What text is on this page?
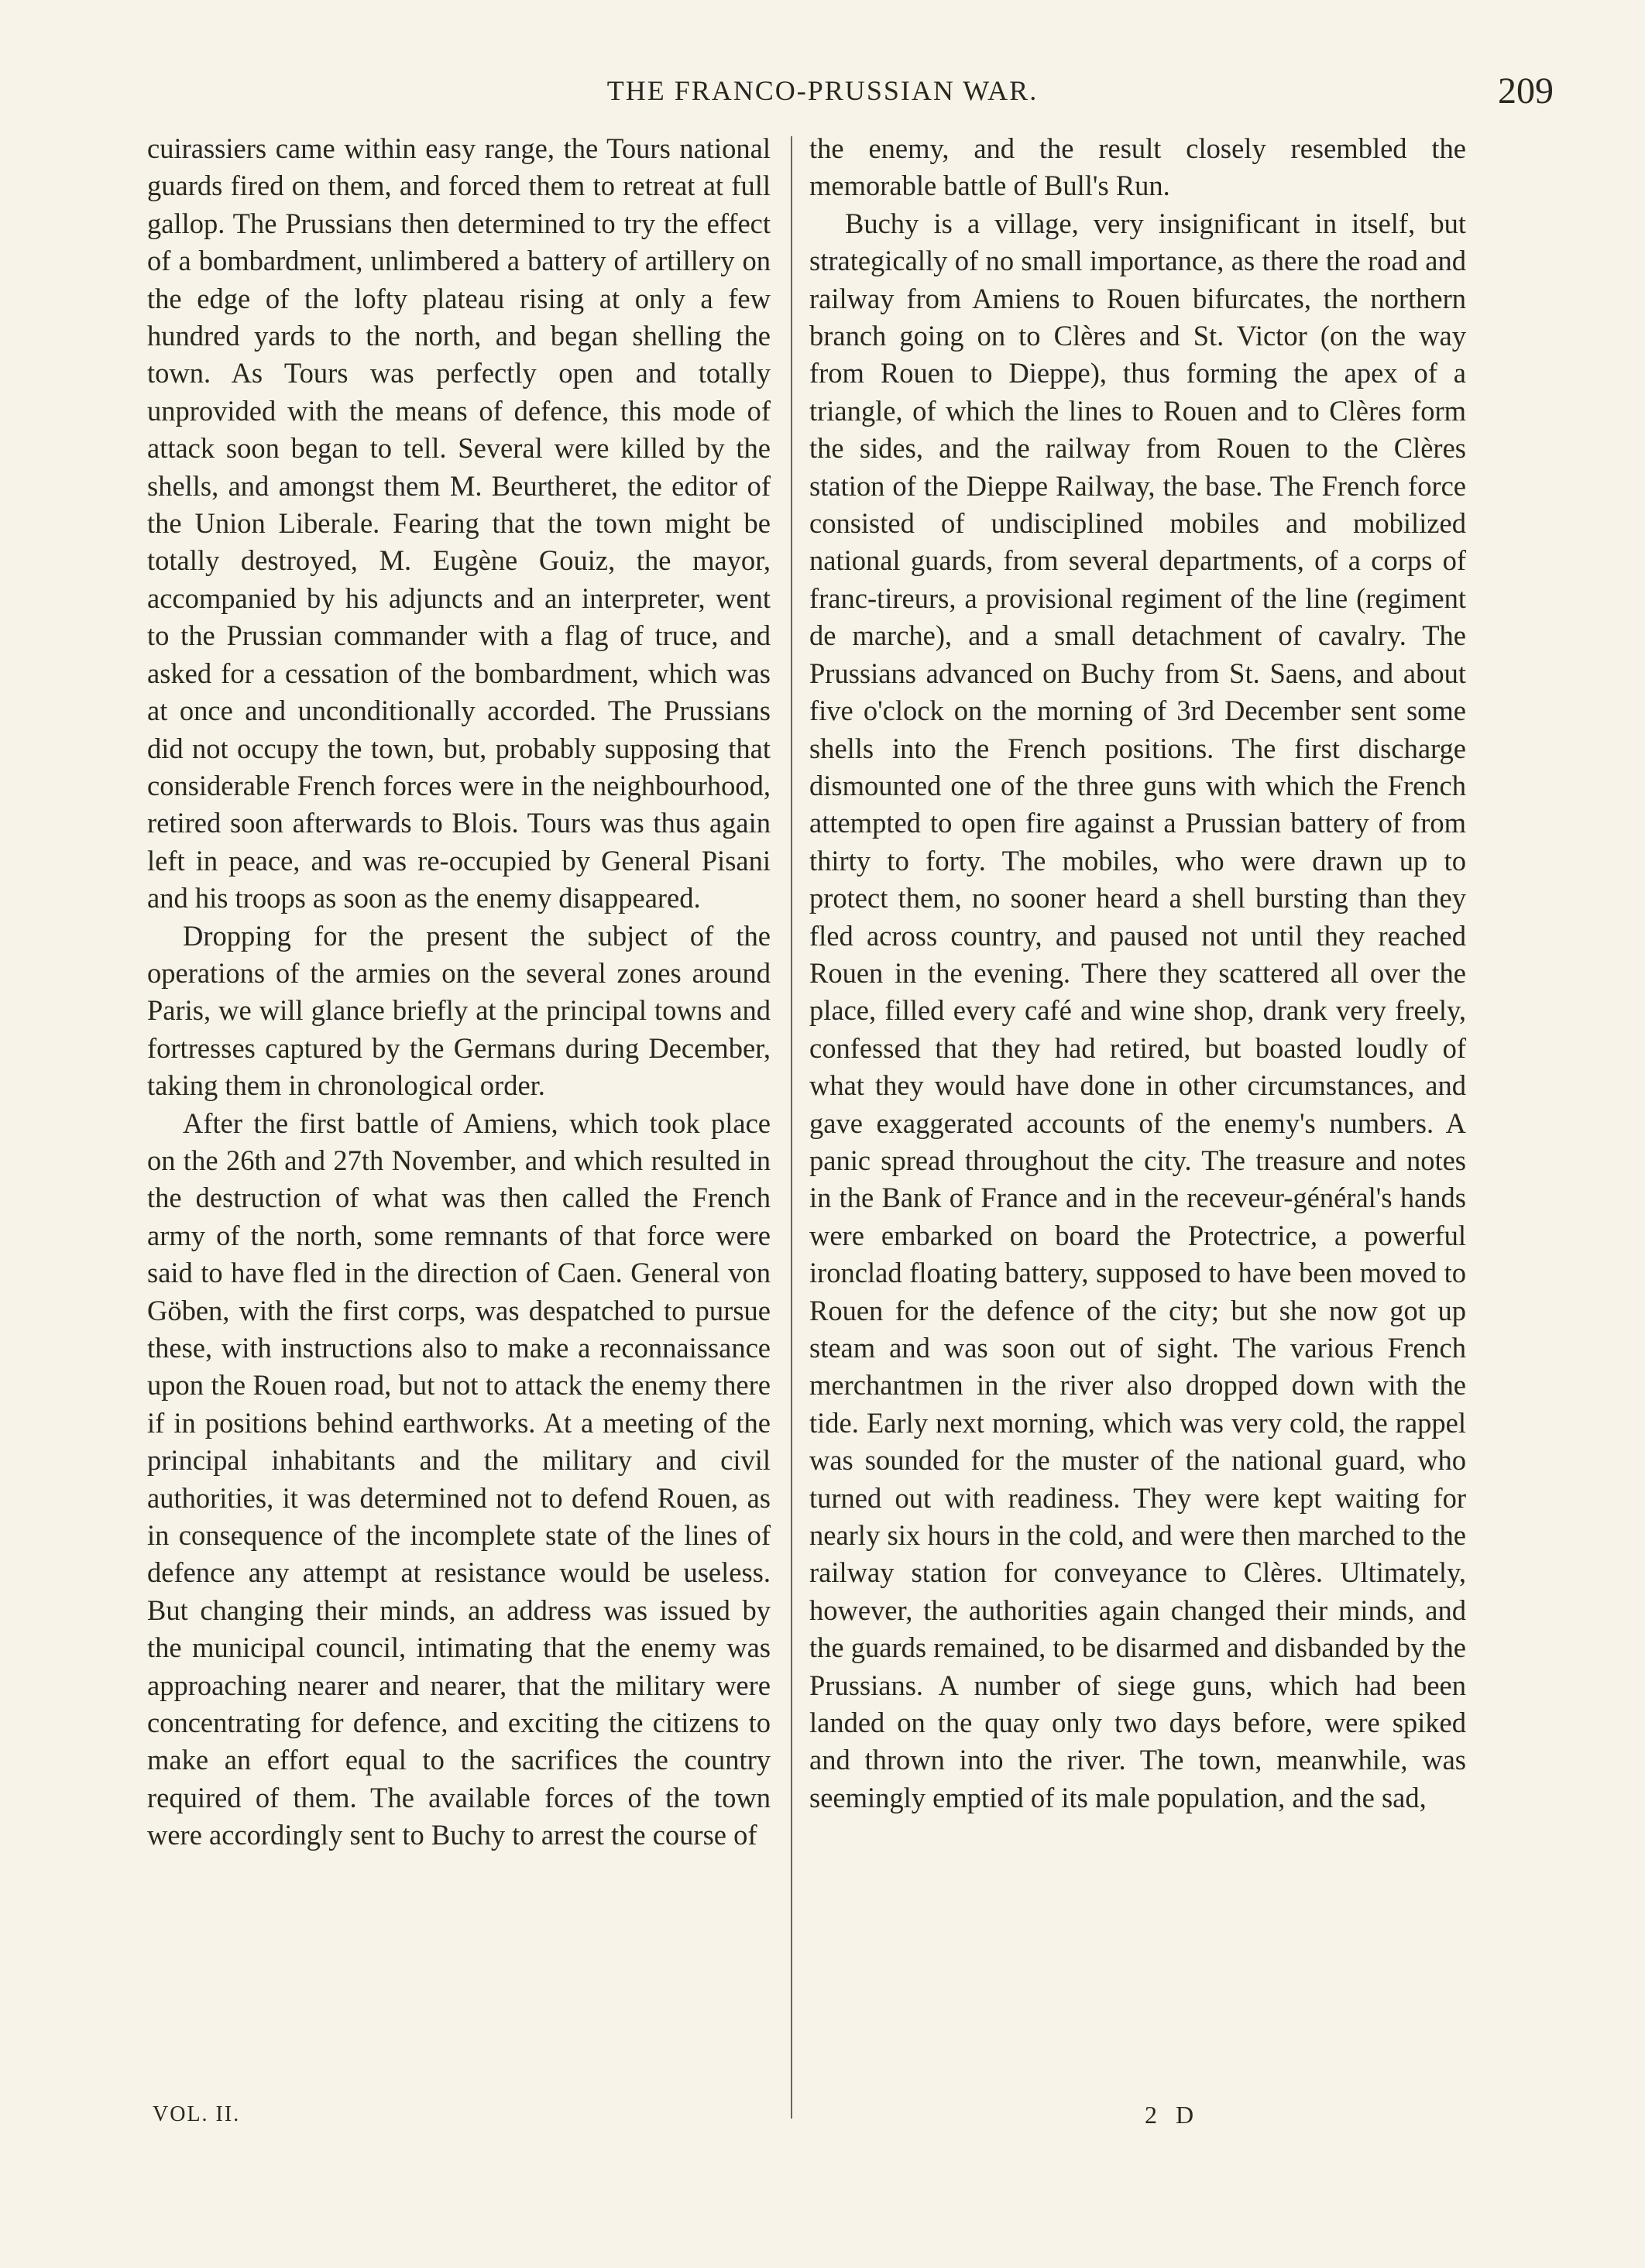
THE FRANCO-PRUSSIAN WAR.	209

cuirassiers came within easy range, the Tours national guards fired on them, and forced them to retreat at full gallop. The Prussians then determined to try the effect of a bombardment, unlimbered a battery of artillery on the edge of the lofty plateau rising at only a few hundred yards to the north, and began shelling the town. As Tours was perfectly open and totally unprovided with the means of defence, this mode of attack soon began to tell. Several were killed by the shells, and amongst them M. Beurtheret, the editor of the Union Liberale. Fearing that the town might be totally destroyed, M. Eugène Gouiz, the mayor, accompanied by his adjuncts and an interpreter, went to the Prussian commander with a flag of truce, and asked for a cessation of the bombardment, which was at once and unconditionally accorded. The Prussians did not occupy the town, but, probably supposing that considerable French forces were in the neighbourhood, retired soon afterwards to Blois. Tours was thus again left in peace, and was re-occupied by General Pisani and his troops as soon as the enemy disappeared.

Dropping for the present the subject of the operations of the armies on the several zones around Paris, we will glance briefly at the principal towns and fortresses captured by the Germans during December, taking them in chronological order.

After the first battle of Amiens, which took place on the 26th and 27th November, and which resulted in the destruction of what was then called the French army of the north, some remnants of that force were said to have fled in the direction of Caen. General von Göben, with the first corps, was despatched to pursue these, with instructions also to make a reconnaissance upon the Rouen road, but not to attack the enemy there if in positions behind earthworks. At a meeting of the principal inhabitants and the military and civil authorities, it was determined not to defend Rouen, as in consequence of the incomplete state of the lines of defence any attempt at resistance would be useless. But changing their minds, an address was issued by the municipal council, intimating that the enemy was approaching nearer and nearer, that the military were concentrating for defence, and exciting the citizens to make an effort equal to the sacrifices the country required of them. The available forces of the town were accordingly sent to Buchy to arrest the course of

the enemy, and the result closely resembled the memorable battle of Bull's Run.

Buchy is a village, very insignificant in itself, but strategically of no small importance, as there the road and railway from Amiens to Rouen bifurcates, the northern branch going on to Clères and St. Victor (on the way from Rouen to Dieppe), thus forming the apex of a triangle, of which the lines to Rouen and to Clères form the sides, and the railway from Rouen to the Clères station of the Dieppe Railway, the base. The French force consisted of undisciplined mobiles and mobilized national guards, from several departments, of a corps of franc-tireurs, a provisional regiment of the line (regiment de marche), and a small detachment of cavalry. The Prussians advanced on Buchy from St. Saens, and about five o'clock on the morning of 3rd December sent some shells into the French positions. The first discharge dismounted one of the three guns with which the French attempted to open fire against a Prussian battery of from thirty to forty. The mobiles, who were drawn up to protect them, no sooner heard a shell bursting than they fled across country, and paused not until they reached Rouen in the evening. There they scattered all over the place, filled every café and wine shop, drank very freely, confessed that they had retired, but boasted loudly of what they would have done in other circumstances, and gave exaggerated accounts of the enemy's numbers. A panic spread throughout the city. The treasure and notes in the Bank of France and in the receveur-général's hands were embarked on board the Protectrice, a powerful ironclad floating battery, supposed to have been moved to Rouen for the defence of the city; but she now got up steam and was soon out of sight. The various French merchantmen in the river also dropped down with the tide. Early next morning, which was very cold, the rappel was sounded for the muster of the national guard, who turned out with readiness. They were kept waiting for nearly six hours in the cold, and were then marched to the railway station for conveyance to Clères. Ultimately, however, the authorities again changed their minds, and the guards remained, to be disarmed and disbanded by the Prussians. A number of siege guns, which had been landed on the quay only two days before, were spiked and thrown into the river. The town, meanwhile, was seemingly emptied of its male population, and the sad,

VOL. II.	2 D
